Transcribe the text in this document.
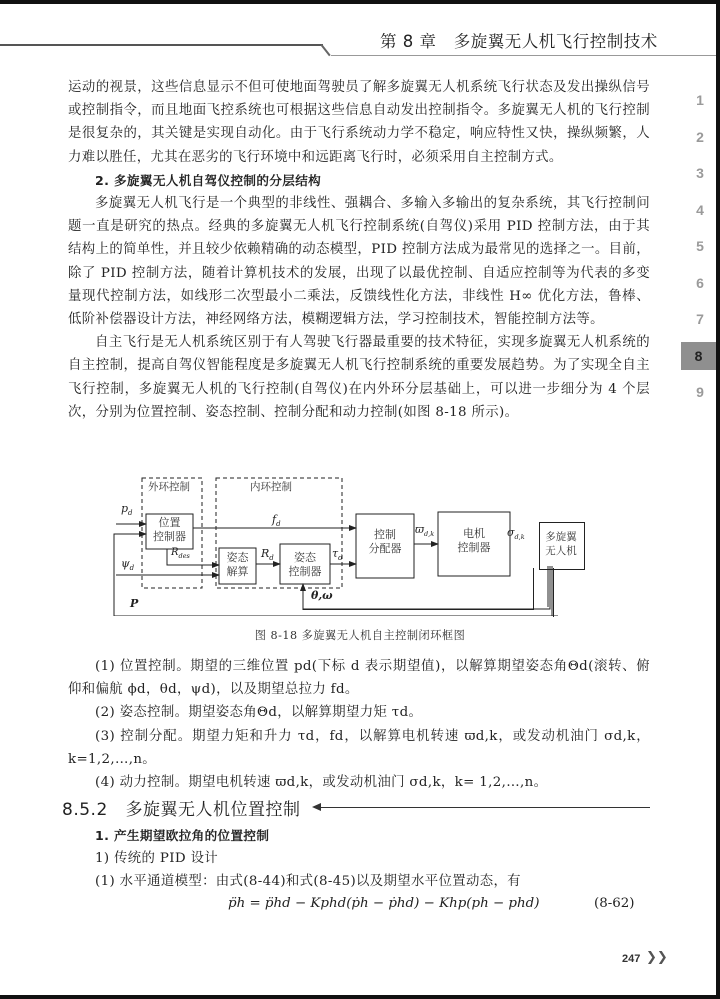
第 8 章   多旋翼无人机飞行控制技术
1
2
3
4
5
6
7
8
9

运动的视景，这些信息显示不但可使地面驾驶员了解多旋翼无人机系统飞行状态及发出操纵信号或控制指令，而且地面飞控系统也可根据这些信息自动发出控制指令。多旋翼无人机的飞行控制是很复杂的，其关键是实现自动化。由于飞行系统动力学不稳定，响应特性又快，操纵频繁，人力难以胜任，尤其在恶劣的飞行环境中和远距离飞行时，必须采用自主控制方式。

2. 多旋翼无人机自驾仪控制的分层结构

多旋翼无人机飞行是一个典型的非线性、强耦合、多输入多输出的复杂系统，其飞行控制问题一直是研究的热点。经典的多旋翼无人机飞行控制系统(自驾仪)采用 PID 控制方法，由于其结构上的简单性，并且较少依赖精确的动态模型，PID 控制方法成为最常见的选择之一。目前，除了 PID 控制方法，随着计算机技术的发展，出现了以最优控制、自适应控制等为代表的多变量现代控制方法，如线形二次型最小二乘法，反馈线性化方法，非线性 H∞ 优化方法，鲁棒、低阶补偿器设计方法，神经网络方法，模糊逻辑方法，学习控制技术，智能控制方法等。

自主飞行是无人机系统区别于有人驾驶飞行器最重要的技术特征，实现多旋翼无人机系统的自主控制，提高自驾仪智能程度是多旋翼无人机飞行控制系统的重要发展趋势。为了实现全自主飞行控制，多旋翼无人机的飞行控制(自驾仪)在内外环分层基础上，可以进一步细分为 4 个层次，分别为位置控制、姿态控制、控制分配和动力控制(如图 8-18 所示)。

外环控制	内环控制
位置
控制器
姿态
解算
姿态
控制器
控制
分配器
电机
控制器
多旋翼
无人机
$p_d$
$\psi_d$
$f_d$
$R_{des}$	$R_d$	$\tau_d$
$ϖ_{d,k}$	$\sigma_{d,k}$
θ,ω
P
图 8-18 多旋翼无人机自主控制闭环框图

(1) 位置控制。期望的三维位置 pd(下标 d 表示期望值)，以解算期望姿态角Θd(滚转、俯仰和偏航 ϕd，θd，ψd)，以及期望总拉力 fd。

(2) 姿态控制。期望姿态角Θd，以解算期望力矩 τd。

(3) 控制分配。期望力矩和升力 τd，fd，以解算电机转速 ϖd,k，或发动机油门 σd,k，k=1,2,…,n。

(4) 动力控制。期望电机转速 ϖd,k，或发动机油门 σd,k，k= 1,2,…,n。

8.5.2   多旋翼无人机位置控制

1. 产生期望欧拉角的位置控制

1) 传统的 PID 设计

(1) 水平通道模型：由式(8-44)和式(8-45)以及期望水平位置动态，有

p̈h = p̈hd − Kphd(ṗh − ṗhd) − Khp(ph − phd)	(8-62)
247 ❯❯
